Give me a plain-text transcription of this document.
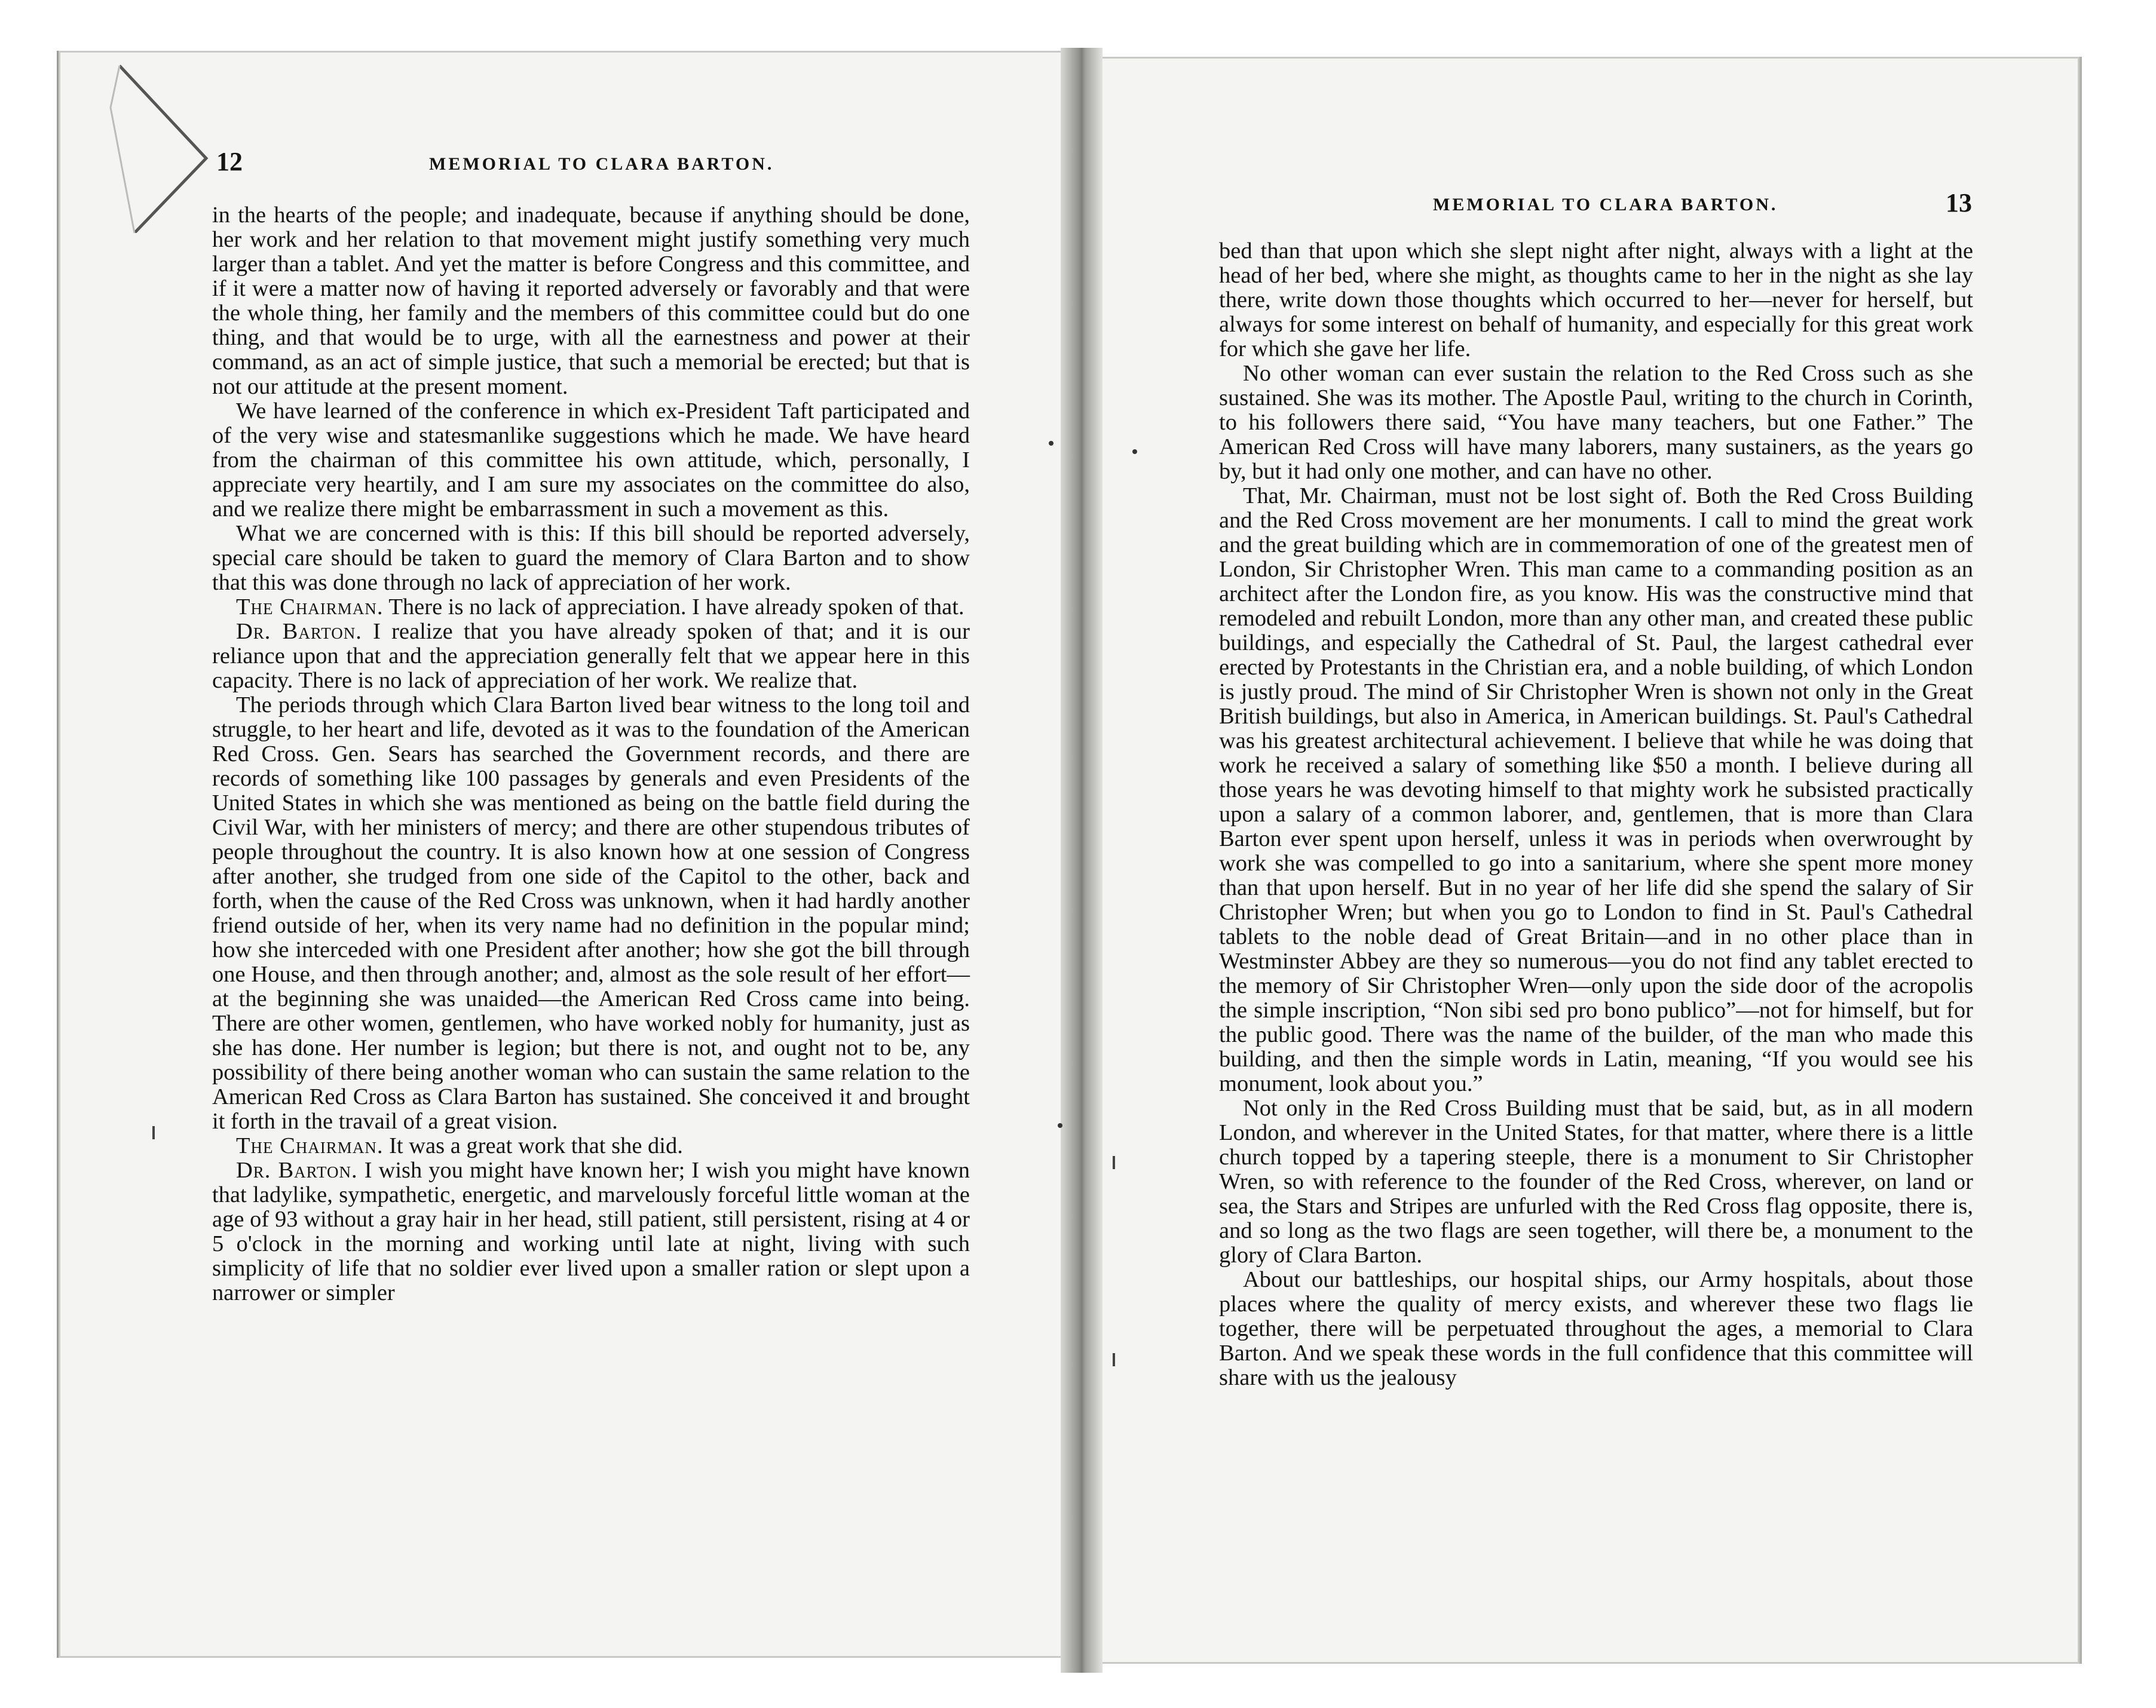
12	MEMORIAL TO CLARA BARTON.

in the hearts of the people; and inadequate, because if anything should be done, her work and her relation to that movement might justify something very much larger than a tablet. And yet the matter is before Congress and this committee, and if it were a matter now of having it reported adversely or favorably and that were the whole thing, her family and the members of this committee could but do one thing, and that would be to urge, with all the earnestness and power at their command, as an act of simple justice, that such a memorial be erected; but that is not our attitude at the present moment.

We have learned of the conference in which ex-President Taft participated and of the very wise and statesmanlike suggestions which he made. We have heard from the chairman of this committee his own attitude, which, personally, I appreciate very heartily, and I am sure my associates on the committee do also, and we realize there might be embarrassment in such a movement as this.

What we are concerned with is this: If this bill should be reported adversely, special care should be taken to guard the memory of Clara Barton and to show that this was done through no lack of appreciation of her work.

The Chairman. There is no lack of appreciation. I have already spoken of that.

Dr. Barton. I realize that you have already spoken of that; and it is our reliance upon that and the appreciation generally felt that we appear here in this capacity. There is no lack of appreciation of her work. We realize that.

The periods through which Clara Barton lived bear witness to the long toil and struggle, to her heart and life, devoted as it was to the foundation of the American Red Cross. Gen. Sears has searched the Government records, and there are records of something like 100 passages by generals and even Presidents of the United States in which she was mentioned as being on the battle field during the Civil War, with her ministers of mercy; and there are other stupendous tributes of people throughout the country. It is also known how at one session of Congress after another, she trudged from one side of the Capitol to the other, back and forth, when the cause of the Red Cross was unknown, when it had hardly another friend outside of her, when its very name had no definition in the popular mind; how she interceded with one President after another; how she got the bill through one House, and then through another; and, almost as the sole result of her effort—at the beginning she was unaided—the American Red Cross came into being. There are other women, gentlemen, who have worked nobly for humanity, just as she has done. Her number is legion; but there is not, and ought not to be, any possibility of there being another woman who can sustain the same relation to the American Red Cross as Clara Barton has sustained. She conceived it and brought it forth in the travail of a great vision.

The Chairman. It was a great work that she did.

Dr. Barton. I wish you might have known her; I wish you might have known that ladylike, sympathetic, energetic, and marvelously forceful little woman at the age of 93 without a gray hair in her head, still patient, still persistent, rising at 4 or 5 o'clock in the morning and working until late at night, living with such simplicity of life that no soldier ever lived upon a smaller ration or slept upon a narrower or simpler

MEMORIAL TO CLARA BARTON.	13

bed than that upon which she slept night after night, always with a light at the head of her bed, where she might, as thoughts came to her in the night as she lay there, write down those thoughts which occurred to her—never for herself, but always for some interest on behalf of humanity, and especially for this great work for which she gave her life.

No other woman can ever sustain the relation to the Red Cross such as she sustained. She was its mother. The Apostle Paul, writing to the church in Corinth, to his followers there said, “You have many teachers, but one Father.” The American Red Cross will have many laborers, many sustainers, as the years go by, but it had only one mother, and can have no other.

That, Mr. Chairman, must not be lost sight of. Both the Red Cross Building and the Red Cross movement are her monuments. I call to mind the great work and the great building which are in commemoration of one of the greatest men of London, Sir Christopher Wren. This man came to a commanding position as an architect after the London fire, as you know. His was the constructive mind that remodeled and rebuilt London, more than any other man, and created these public buildings, and especially the Cathedral of St. Paul, the largest cathedral ever erected by Protestants in the Christian era, and a noble building, of which London is justly proud. The mind of Sir Christopher Wren is shown not only in the Great British buildings, but also in America, in American buildings. St. Paul's Cathedral was his greatest architectural achievement. I believe that while he was doing that work he received a salary of something like $50 a month. I believe during all those years he was devoting himself to that mighty work he subsisted practically upon a salary of a common laborer, and, gentlemen, that is more than Clara Barton ever spent upon herself, unless it was in periods when overwrought by work she was compelled to go into a sanitarium, where she spent more money than that upon herself. But in no year of her life did she spend the salary of Sir Christopher Wren; but when you go to London to find in St. Paul's Cathedral tablets to the noble dead of Great Britain—and in no other place than in Westminster Abbey are they so numerous—you do not find any tablet erected to the memory of Sir Christopher Wren—only upon the side door of the acropolis the simple inscription, “Non sibi sed pro bono publico”—not for himself, but for the public good. There was the name of the builder, of the man who made this building, and then the simple words in Latin, meaning, “If you would see his monument, look about you.”

Not only in the Red Cross Building must that be said, but, as in all modern London, and wherever in the United States, for that matter, where there is a little church topped by a tapering steeple, there is a monument to Sir Christopher Wren, so with reference to the founder of the Red Cross, wherever, on land or sea, the Stars and Stripes are unfurled with the Red Cross flag opposite, there is, and so long as the two flags are seen together, will there be, a monument to the glory of Clara Barton.

About our battleships, our hospital ships, our Army hospitals, about those places where the quality of mercy exists, and wherever these two flags lie together, there will be perpetuated throughout the ages, a memorial to Clara Barton. And we speak these words in the full confidence that this committee will share with us the jealousy
